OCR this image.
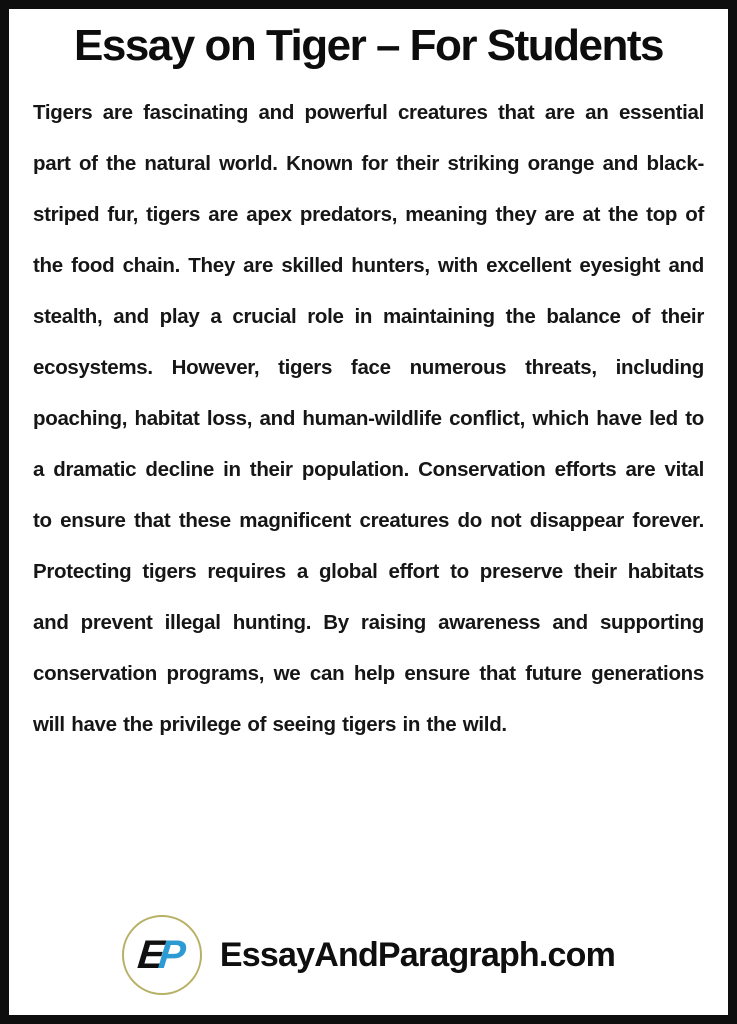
Essay on Tiger – For Students

Tigers are fascinating and powerful creatures that are an essential part of the natural world. Known for their striking orange and black-striped fur, tigers are apex predators, meaning they are at the top of the food chain. They are skilled hunters, with excellent eyesight and stealth, and play a crucial role in maintaining the balance of their ecosystems. However, tigers face numerous threats, including poaching, habitat loss, and human-wildlife conflict, which have led to a dramatic decline in their population. Conservation efforts are vital to ensure that these magnificent creatures do not disappear forever. Protecting tigers requires a global effort to preserve their habitats and prevent illegal hunting. By raising awareness and supporting conservation programs, we can help ensure that future generations will have the privilege of seeing tigers in the wild.

EP EssayAndParagraph.com
